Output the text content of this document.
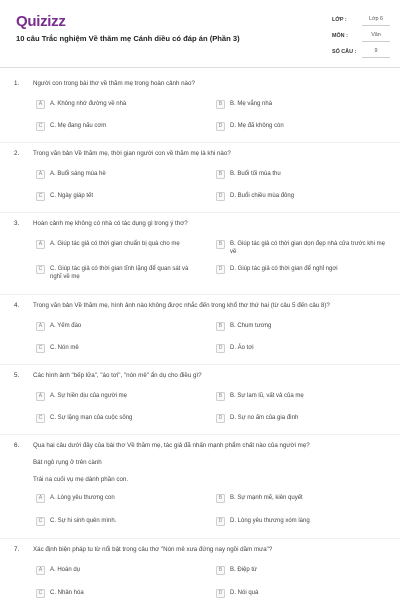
Quizizz
10 câu Trắc nghiệm Về thăm mẹ Cánh diều có đáp án (Phần 3)
LỚP :	Lớp 6
MÔN :	Văn
SỐ CÂU :	9
1. Người con trong bài thơ về thăm mẹ trong hoàn cảnh nào?
A	A. Không nhớ đường về nhà	B	B. Mẹ vắng nhà
C	C. Mẹ đang nấu cơm	D	D. Mẹ đã không còn
2. Trong văn bản Về thăm mẹ, thời gian người con về thăm mẹ là khi nào?
A	A. Buổi sáng mùa hè	B	B. Buổi tối mùa thu
C	C. Ngày giáp tết	D	D. Buổi chiều mùa đông
3. Hoàn cảnh mẹ không có nhà có tác dụng gì trong ý thơ?
A	A. Giúp tác giả có thời gian chuẩn bị quà cho mẹ	B	B. Giúp tác giả có thời gian dọn đẹp nhà cửa trước khi mẹ về
C	C. Giúp tác giả có thời gian tĩnh lặng để quan sát và nghĩ về mẹ
D	D. Giúp tác giả có thời gian để nghỉ ngơi
4. Trong văn bản Về thăm mẹ, hình ảnh nào không được nhắc đến trong khổ thơ thứ hai (từ câu 5 đến câu 8)?
A	A. Yếm đào	B	B. Chum tương
C	C. Nón mê	D	D. Áo tơi
5. Các hình ảnh "bếp lửa", "áo tơi", "nón mê" ẩn dụ cho điều gì?
A	A. Sự hiền dịu của người mẹ	B	B. Sự lam lũ, vất vả của mẹ
C	C. Sự lặng mạn của cuộc sống	D	D. Sự no ấm của gia đình
6. Qua hai câu dưới đây của bài thơ Về thăm mẹ, tác giả đã nhấn mạnh phẩm chất nào của người mẹ?
Bát ngô rụng ở trên cành
Trái na cuối vụ mẹ dành phần con.
A	A. Lòng yêu thương con	B	B. Sự mạnh mẽ, kiên quyết
C	C. Sự hi sinh quên mình.	D	D. Lòng yêu thương xóm làng
7. Xác định biện pháp tu từ nổi bật trong câu thơ "Nón mê xưa đứng nay ngồi dầm mưa"?
A	A. Hoán dụ	B	B. Điệp từ
C	C. Nhân hóa	D	D. Nói quá
